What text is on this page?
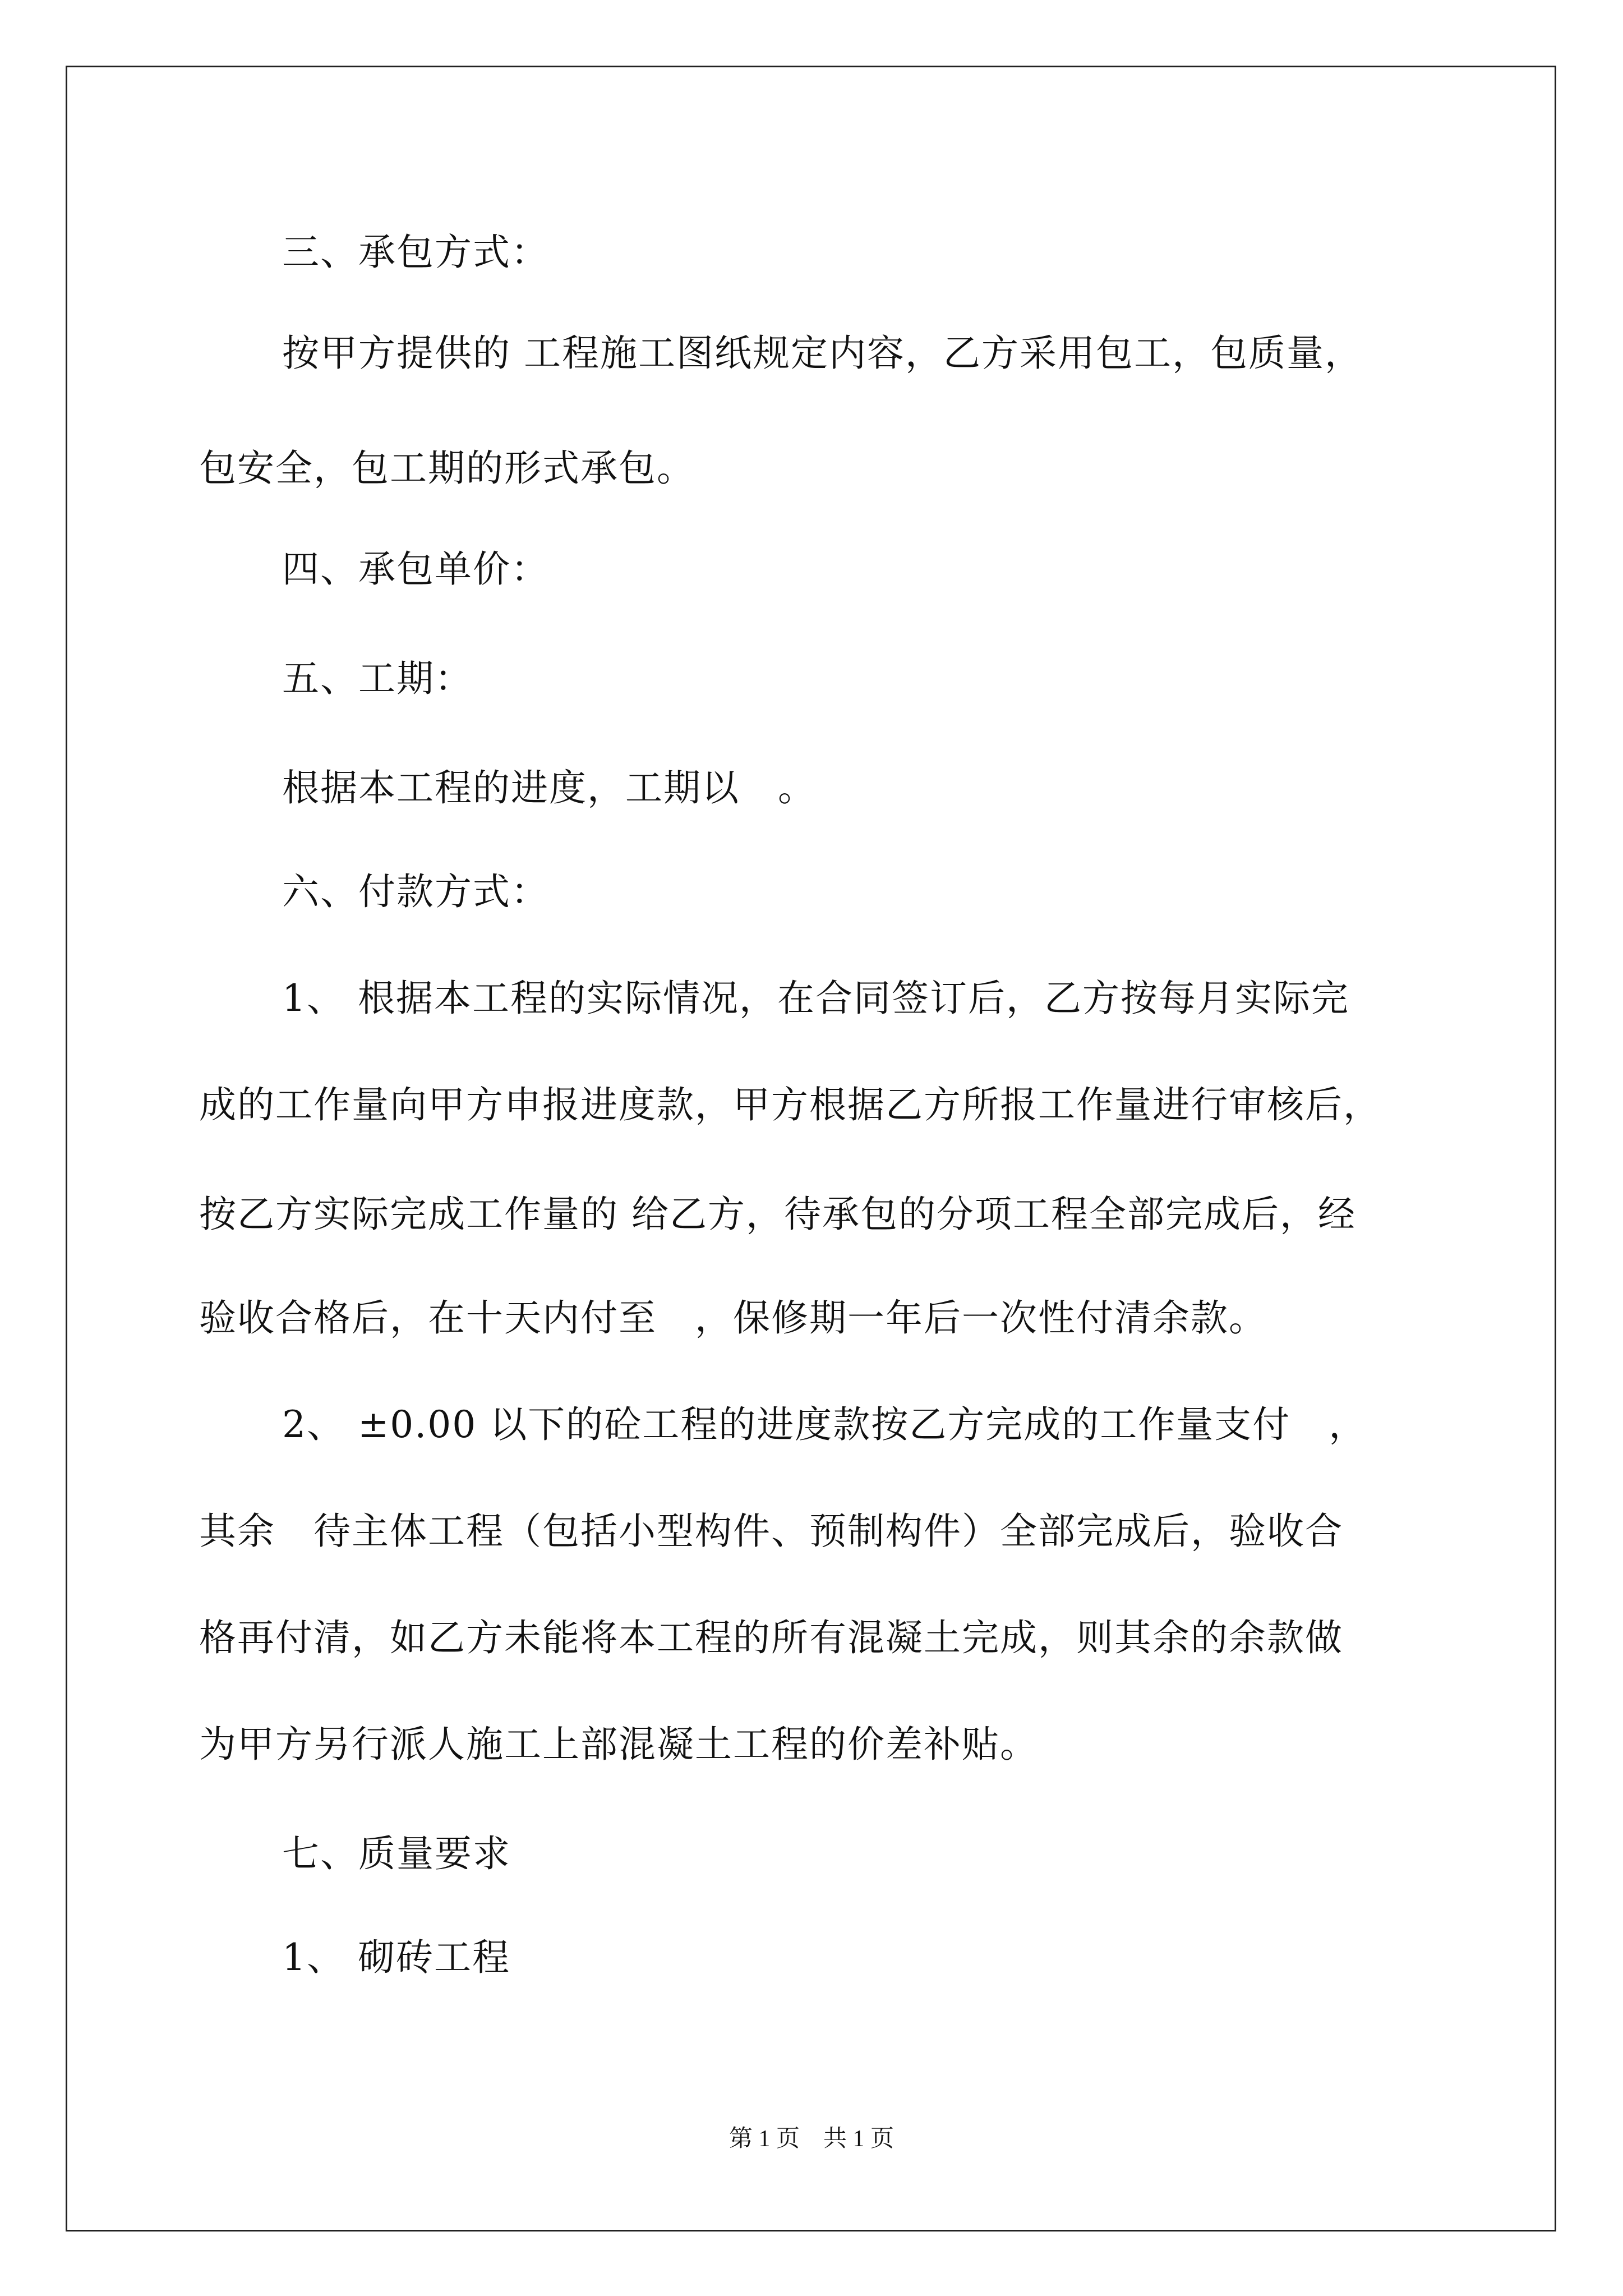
三、承包方式：
按甲方提供的 工程施工图纸规定内容，乙方采用包工，包质量，
包安全，包工期的形式承包。
四、承包单价：
五、工期：
根据本工程的进度，工期以　。
六、付款方式：
1、 根据本工程的实际情况，在合同签订后，乙方按每月实际完
成的工作量向甲方申报进度款，甲方根据乙方所报工作量进行审核后，
按乙方实际完成工作量的 给乙方，待承包的分项工程全部完成后，经
验收合格后，在十天内付至　，保修期一年后一次性付清余款。
2、 ±0.00 以下的砼工程的进度款按乙方完成的工作量支付　，
其余　待主体工程（包括小型构件、预制构件）全部完成后，验收合
格再付清，如乙方未能将本工程的所有混凝土完成，则其余的余款做
为甲方另行派人施工上部混凝土工程的价差补贴。
七、质量要求
1、 砌砖工程
第 1 页　共 1 页
